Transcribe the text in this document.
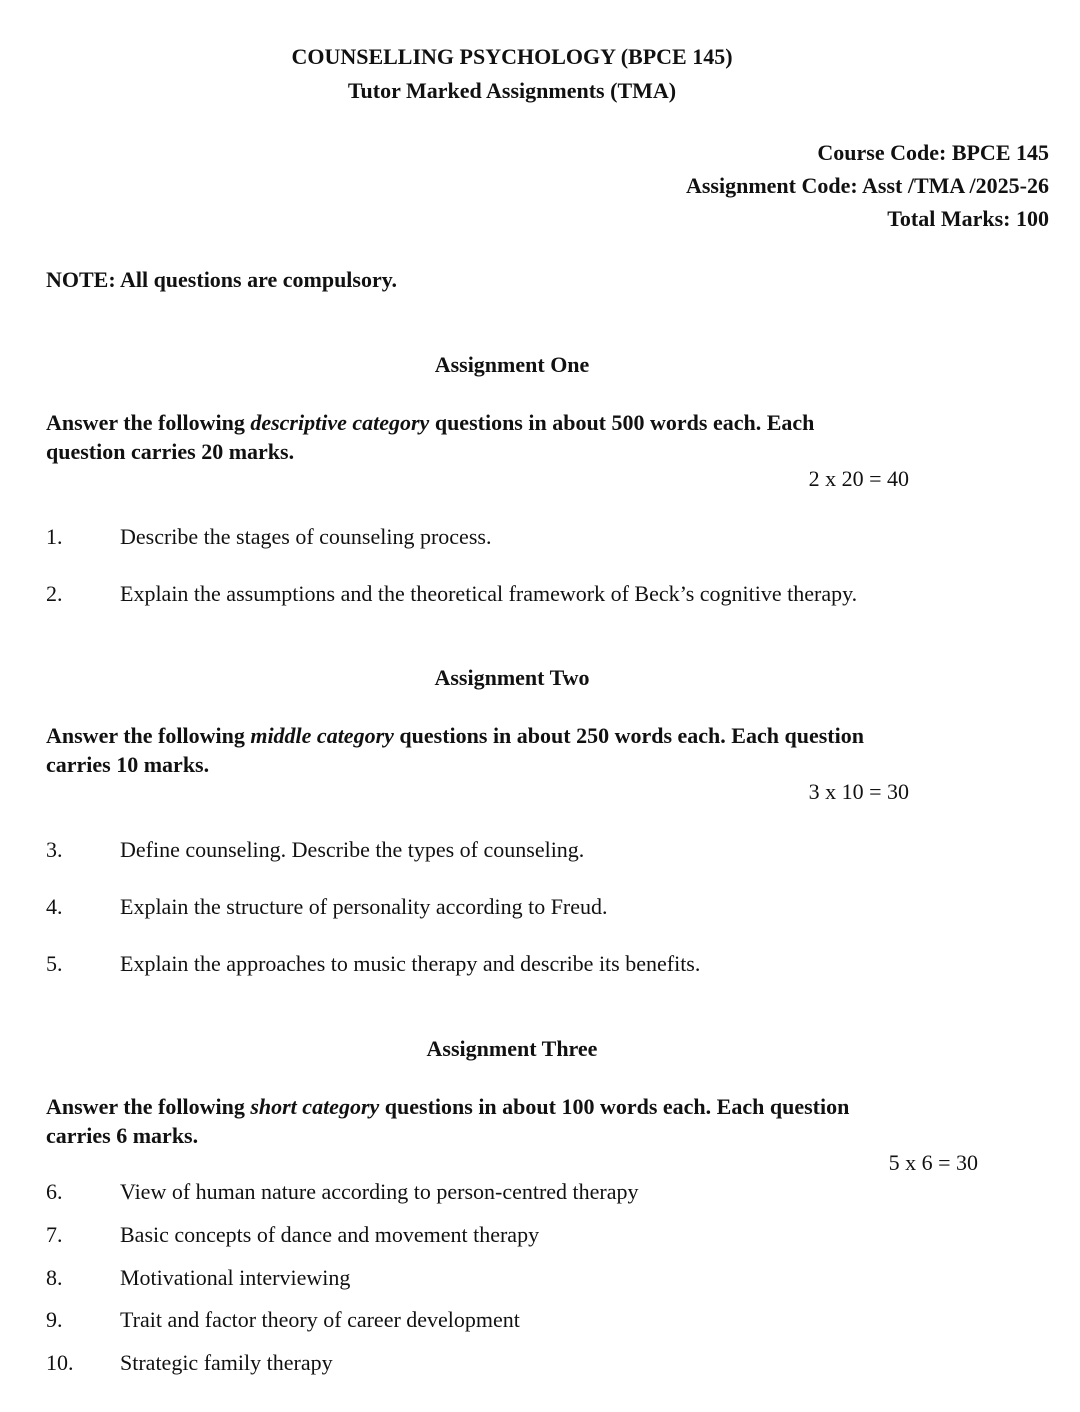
COUNSELLING PSYCHOLOGY (BPCE 145)
Tutor Marked Assignments (TMA)
Course Code: BPCE 145
Assignment Code: Asst /TMA /2025-26
Total Marks: 100
NOTE: All questions are compulsory.
Assignment One
Answer the following descriptive category questions in about 500 words each. Each
question carries 20 marks.
2 x 20 = 40
1.	Describe the stages of counseling process.
2.	Explain the assumptions and the theoretical framework of Beck’s cognitive therapy.
Assignment Two
Answer the following middle category questions in about 250 words each. Each question
carries 10 marks.
3 x 10 = 30
3.	Define counseling. Describe the types of counseling.
4.	Explain the structure of personality according to Freud.
5.	Explain the approaches to music therapy and describe its benefits.
Assignment Three
Answer the following short category questions in about 100 words each. Each question
carries 6 marks.
5 x 6 = 30
6.	View of human nature according to person-centred therapy
7.	Basic concepts of dance and movement therapy
8.	Motivational interviewing
9.	Trait and factor theory of career development
10. Strategic family therapy
